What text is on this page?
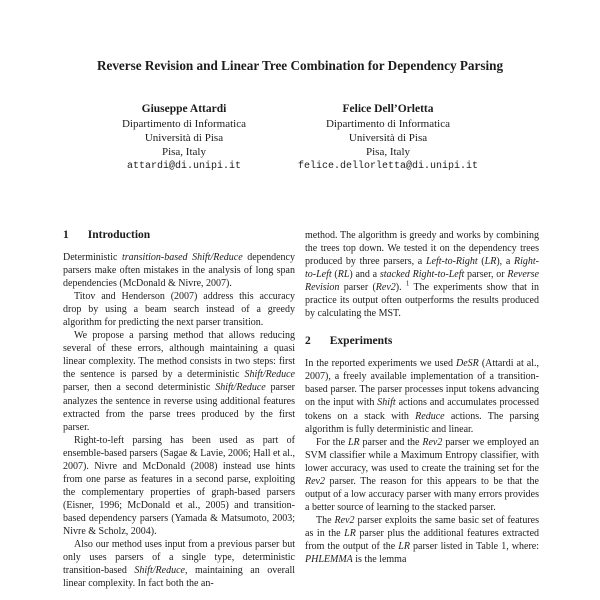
Reverse Revision and Linear Tree Combination for Dependency Parsing
Giuseppe Attardi
Dipartimento di Informatica
Università di Pisa
Pisa, Italy
attardi@di.unipi.it
Felice Dell’Orletta
Dipartimento di Informatica
Università di Pisa
Pisa, Italy
felice.dellorletta@di.unipi.it
1 Introduction

Deterministic transition-based Shift/Reduce dependency parsers make often mistakes in the analysis of long span dependencies (McDonald & Nivre, 2007).

Titov and Henderson (2007) address this accuracy drop by using a beam search instead of a greedy algorithm for predicting the next parser transition.

We propose a parsing method that allows reducing several of these errors, although maintaining a quasi linear complexity. The method consists in two steps: first the sentence is parsed by a deterministic Shift/Reduce parser, then a second deterministic Shift/Reduce parser analyzes the sentence in reverse using additional features extracted from the parse trees produced by the first parser.

Right-to-left parsing has been used as part of ensemble-based parsers (Sagae & Lavie, 2006; Hall et al., 2007). Nivre and McDonald (2008) instead use hints from one parse as features in a second parse, exploiting the complementary properties of graph-based parsers (Eisner, 1996; McDonald et al., 2005) and transition-based dependency parsers (Yamada & Matsumoto, 2003; Nivre & Scholz, 2004).

Also our method uses input from a previous parser but only uses parsers of a single type, deterministic transition-based Shift/Reduce, maintaining an overall linear complexity. In fact both the an-

method. The algorithm is greedy and works by combining the trees top down. We tested it on the dependency trees produced by three parsers, a Left-to-Right (LR), a Right-to-Left (RL) and a stacked Right-to-Left parser, or Reverse Revision parser (Rev2). $^1$ The experiments show that in practice its output often outperforms the results produced by calculating the MST.

2 Experiments

In the reported experiments we used DeSR (Attardi at al., 2007), a freely available implementation of a transition-based parser. The parser processes input tokens advancing on the input with Shift actions and accumulates processed tokens on a stack with Reduce actions. The parsing algorithm is fully deterministic and linear.

For the LR parser and the Rev2 parser we employed an SVM classifier while a Maximum Entropy classifier, with lower accuracy, was used to create the training set for the Rev2 parser. The reason for this appears to be that the output of a low accuracy parser with many errors provides a better source of learning to the stacked parser.

The Rev2 parser exploits the same basic set of features as in the LR parser plus the additional features extracted from the output of the LR parser listed in Table 1, where: PHLEMMA is the lemma
